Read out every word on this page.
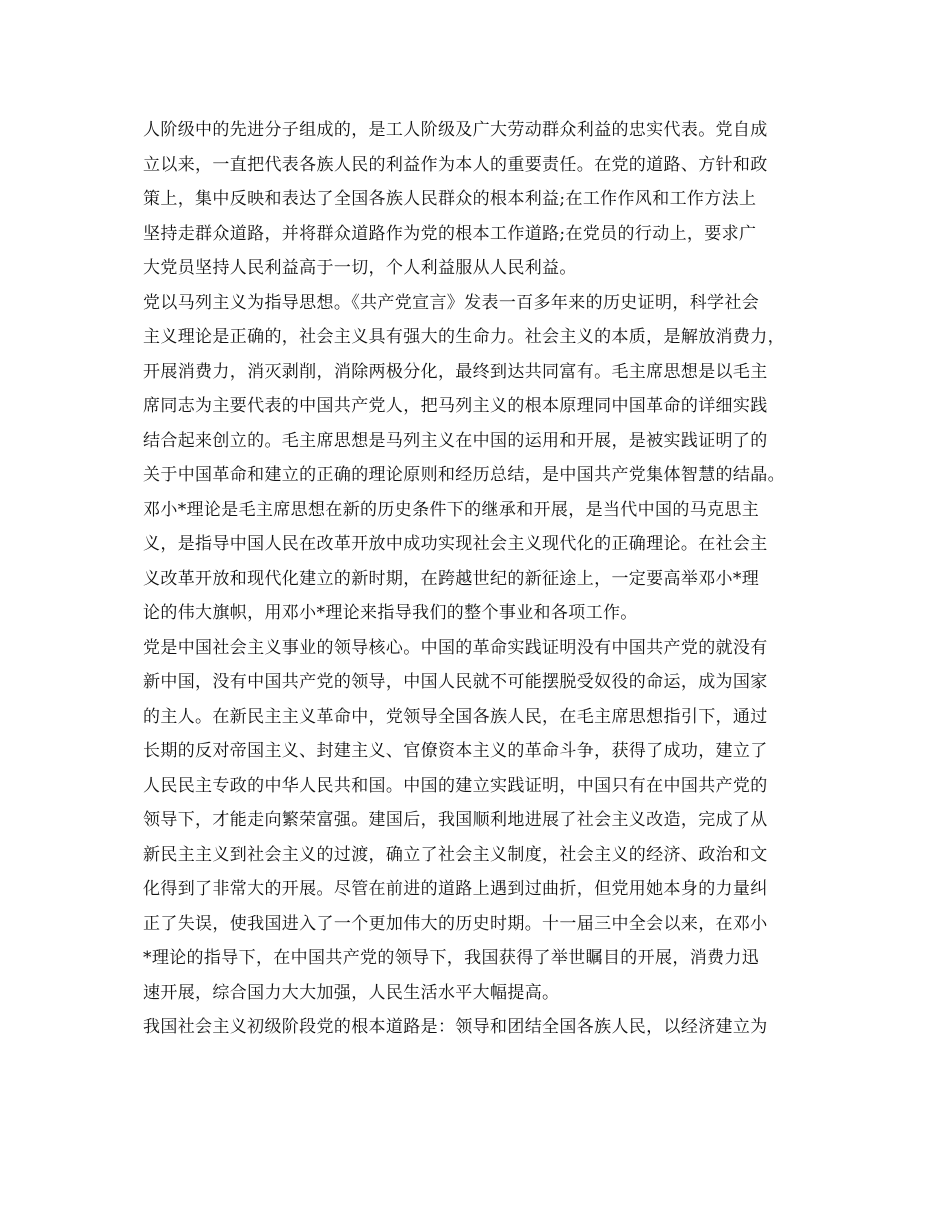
人阶级中的先进分子组成的，是工人阶级及广大劳动群众利益的忠实代表。党自成
立以来，一直把代表各族人民的利益作为本人的重要责任。在党的道路、方针和政
策上，集中反映和表达了全国各族人民群众的根本利益;在工作作风和工作方法上
坚持走群众道路，并将群众道路作为党的根本工作道路;在党员的行动上，要求广
大党员坚持人民利益高于一切，个人利益服从人民利益。
党以马列主义为指导思想。《共产党宣言》发表一百多年来的历史证明，科学社会
主义理论是正确的，社会主义具有强大的生命力。社会主义的本质，是解放消费力，
开展消费力，消灭剥削，消除两极分化，最终到达共同富有。毛主席思想是以毛主
席同志为主要代表的中国共产党人，把马列主义的根本原理同中国革命的详细实践
结合起来创立的。毛主席思想是马列主义在中国的运用和开展，是被实践证明了的
关于中国革命和建立的正确的理论原则和经历总结，是中国共产党集体智慧的结晶。
邓小*理论是毛主席思想在新的历史条件下的继承和开展，是当代中国的马克思主
义，是指导中国人民在改革开放中成功实现社会主义现代化的正确理论。在社会主
义改革开放和现代化建立的新时期，在跨越世纪的新征途上，一定要高举邓小*理
论的伟大旗帜，用邓小*理论来指导我们的整个事业和各项工作。
党是中国社会主义事业的领导核心。中国的革命实践证明没有中国共产党的就没有
新中国，没有中国共产党的领导，中国人民就不可能摆脱受奴役的命运，成为国家
的主人。在新民主主义革命中，党领导全国各族人民，在毛主席思想指引下，通过
长期的反对帝国主义、封建主义、官僚资本主义的革命斗争，获得了成功，建立了
人民民主专政的中华人民共和国。中国的建立实践证明，中国只有在中国共产党的
领导下，才能走向繁荣富强。建国后，我国顺利地进展了社会主义改造，完成了从
新民主主义到社会主义的过渡，确立了社会主义制度，社会主义的经济、政治和文
化得到了非常大的开展。尽管在前进的道路上遇到过曲折，但党用她本身的力量纠
正了失误，使我国进入了一个更加伟大的历史时期。十一届三中全会以来，在邓小
*理论的指导下，在中国共产党的领导下，我国获得了举世瞩目的开展，消费力迅
速开展，综合国力大大加强，人民生活水平大幅提高。
我国社会主义初级阶段党的根本道路是：领导和团结全国各族人民，以经济建立为
